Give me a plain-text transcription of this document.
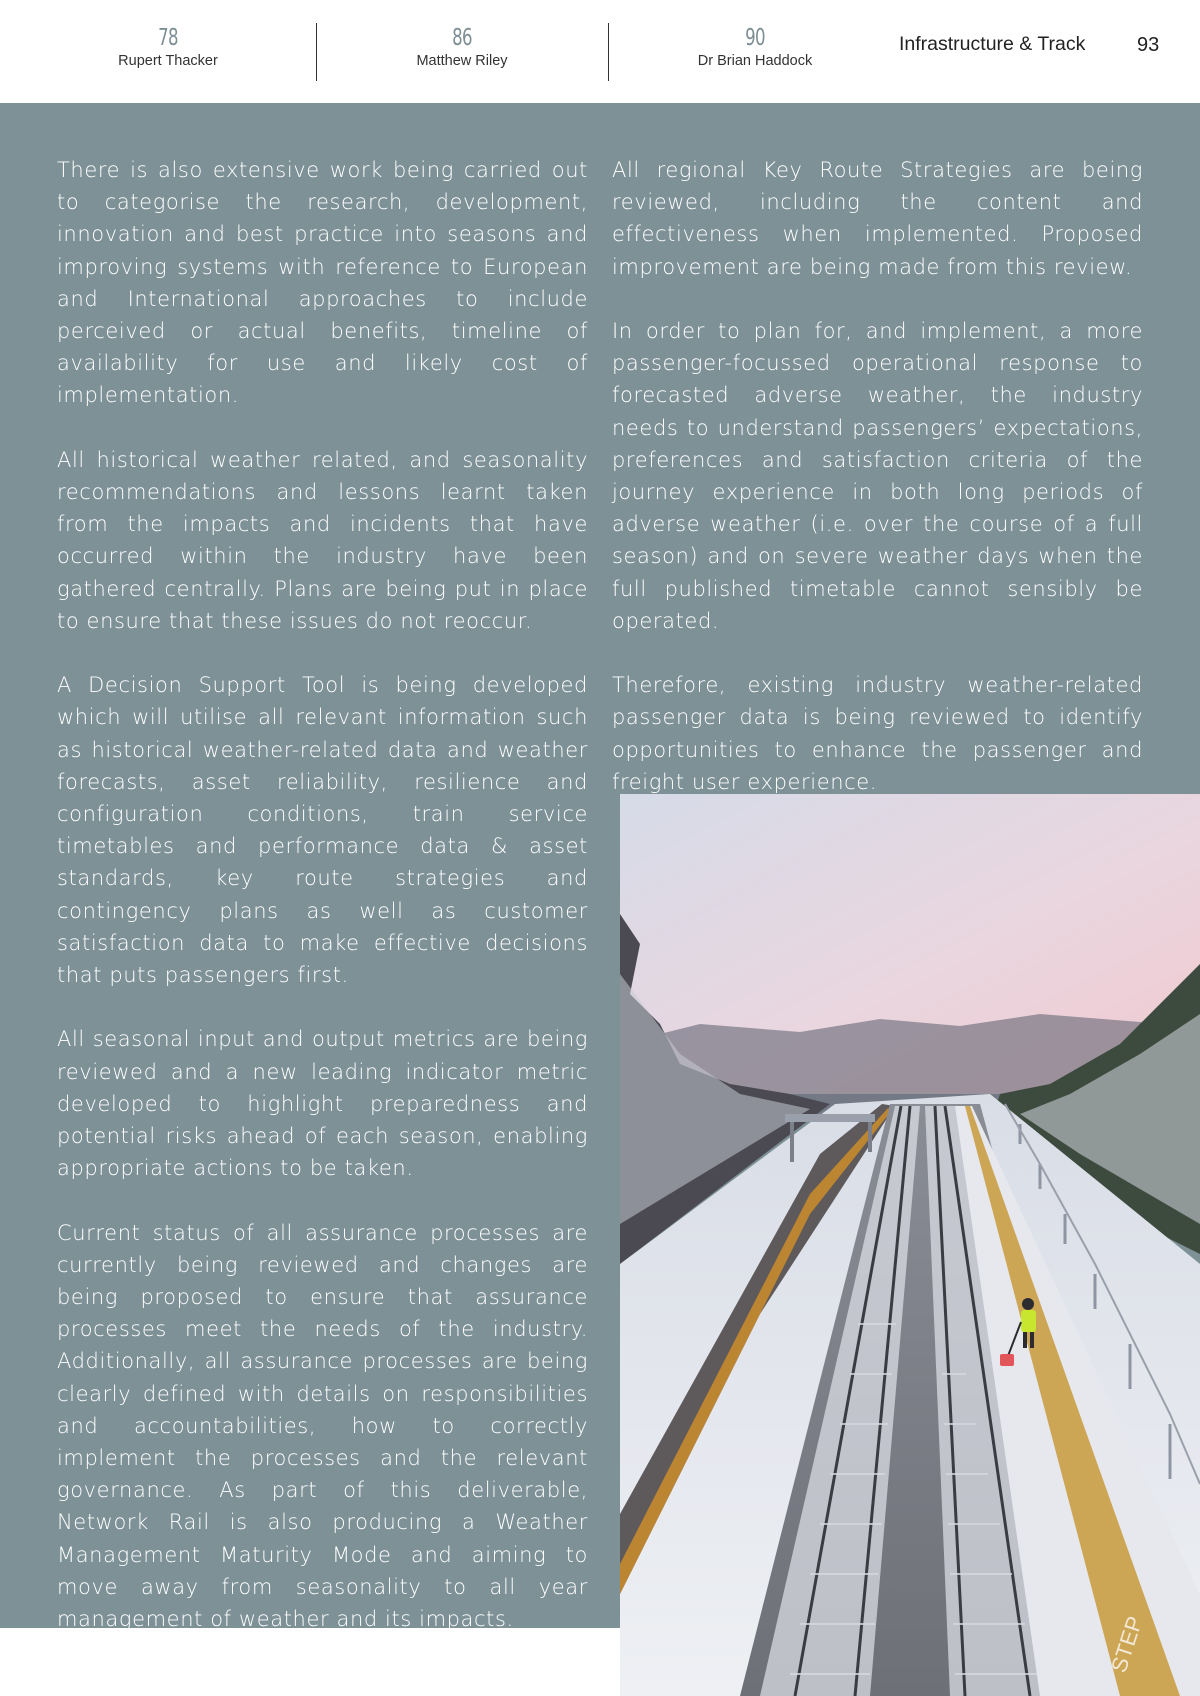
78
Rupert Thacker
86
Matthew Riley
90
Dr Brian Haddock
Infrastructure & Track	93

There is also extensive work being carried out to categorise the research, development, innovation and best practice into seasons and improving systems with reference to European and International approaches to include perceived or actual benefits, timeline of availability for use and likely cost of implementation.

All historical weather related, and seasonality recommendations and lessons learnt taken from the impacts and incidents that have occurred within the industry have been gathered centrally. Plans are being put in place to ensure that these issues do not reoccur.

A Decision Support Tool is being developed which will utilise all relevant information such as historical weather-related data and weather forecasts, asset reliability, resilience and configuration conditions, train service timetables and performance data & asset standards, key route strategies and contingency plans as well as customer satisfaction data to make effective decisions that puts passengers first.

All seasonal input and output metrics are being reviewed and a new leading indicator metric developed to highlight preparedness and potential risks ahead of each season, enabling appropriate actions to be taken.

Current status of all assurance processes are currently being reviewed and changes are being proposed to ensure that assurance processes meet the needs of the industry. Additionally, all assurance processes are being clearly defined with details on responsibilities and accountabilities, how to correctly implement the processes and the relevant governance. As part of this deliverable, Network Rail is also producing a Weather Management Maturity Mode and aiming to move away from seasonality to all year management of weather and its impacts.

All regional Key Route Strategies are being reviewed, including the content and effectiveness when implemented. Proposed improvement are being made from this review.

In order to plan for, and implement, a more passenger-focussed operational response to forecasted adverse weather, the industry needs to understand passengers’ expectations, preferences and satisfaction criteria of the journey experience in both long periods of adverse weather (i.e. over the course of a full season) and on severe weather days when the full published timetable cannot sensibly be operated.

Therefore, existing industry weather-related passenger data is being reviewed to identify opportunities to enhance the passenger and freight user experience.

STEP
